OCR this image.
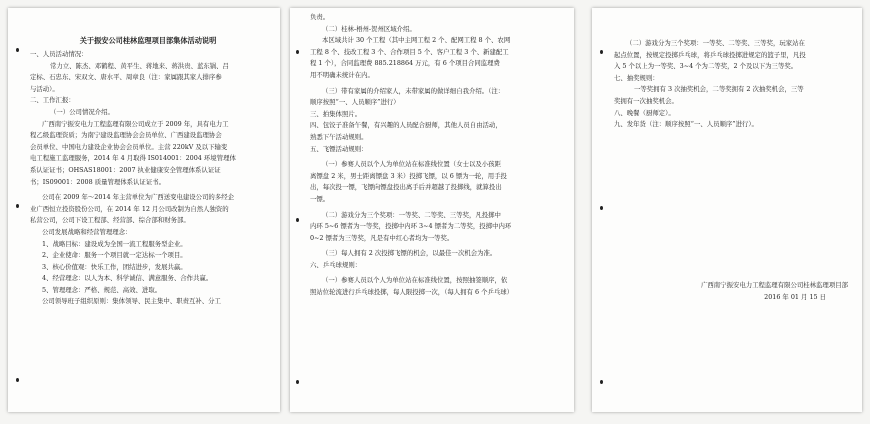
关于振安公司桂林监理项目部集体活动说明
一、人员活动情况：
常力立、陈杰、邓鹤程、黄平生、蒋地来、蒋洪贵、蓝东锅、吕
定标、石忠东、宋双文、唐水平、周章良（注：家属跟其家人排序参
与活动）。
二、工作汇报：
（一）公司情况介绍。
广西南宁振安电力工程监理有限公司成立于 2009 年，具有电力工
程乙级监理资质；为南宁建设监理协会会员单位、广西建设监理协会
会员单位、中国电力建设企业协会会员单位。主营 220kV 及以下输变
电工程施工监理服务，2014 年 4 月取得 IS014001：2004 环境管理体
系认证证书；OHSAS18001：2007 执业健康安全管理体系认证证
书；IS09001：2008 质量管理体系认证证书。
公司在 2009 年～2014 年主营单位为广西送变电建设公司的多经企
业广西恒立投资股份公司，在 2014 年 12 月公司改制为自然人独资的
私营公司，公司下设工程部、经营部、综合部和财务部。
公司发展战略和经营管理理念：
1、战略目标：建设成为全国一流工程服务型企业。
2、企业使命：服务一个项目就一定达标一个项目。
3、核心价值观：快乐工作，团结进步，发展共赢。
4、经营理念：以人为本、科学诚信、满意服务、合作共赢。
5、管理理念：严格、规范、高效、进取。
公司领导班子组织原则：集体领导、民主集中、职责互补、分工
负责。
（二）桂林-梧州-贺州区域介绍。
本区域共计 30 个工程（其中主网工程 2 个、配网工程 8 个、农网
工程 8 个、技改工程 3 个、合作项目 5 个、客户工程 3 个、新建配工
程 1 个），合同监理费 885.218864 万元，有 6 个项目合同监理费
用不明确未统计在内。
（三）带有家属的介绍家人，未带家属的做详细自我介绍。（注：
顺序按照“一、人员顺序”进行）
三、拍集体照片。
四、包饺子准备午餐，有兴趣的人员配合厨师，其他人员自由活动，
熟悉下午活动规则。
五、飞镖活动规则：
（一）参赛人员以个人为单位站在标准线位置（女士以及小孩距
离镖盘 2 米，男士距离镖盘 3 米）投掷飞镖，以 6 镖为一轮，用手投
出，每次投一镖，飞镖向镖盘投出离手后并超越了投掷线，就算投出
一镖。
（二）游戏分为三个奖项：一等奖、二等奖、三等奖，凡投掷中
内环 5~6 镖者为一等奖，投掷中内环 3~4 镖者为二等奖，投掷中内环
0~2 镖者为三等奖，凡是有中红心者均为一等奖。
（三）每人拥有 2 次投掷飞镖的机会，以最佳一次机会为准。
六、乒乓球规则：
（一）参赛人员以个人为单位站在标准线位置，按照抽签顺序，依
照站位轮流进行乒乓球投掷，每人限投掷一次，（每人拥有 6 个乒乓球）
（二）游戏分为三个奖项：一等奖、二等奖、三等奖，玩家站在
起点位置，按规定投掷乒乓球，将乒乓球投掷进规定的篮子里，凡投
入 5 个以上为一等奖、3~4 个为二等奖，2 个及以下为三等奖。
七、抽奖规则：
一等奖拥有 3 次抽奖机会，二等奖拥有 2 次抽奖机会，三等
奖拥有一次抽奖机会。
八、晚餐（厨师定）。
九、发年货（注：顺序按照“一、人员顺序”进行）。
广西南宁振安电力工程监理有限公司桂林监理项目部
2016 年 01 月 15 日
